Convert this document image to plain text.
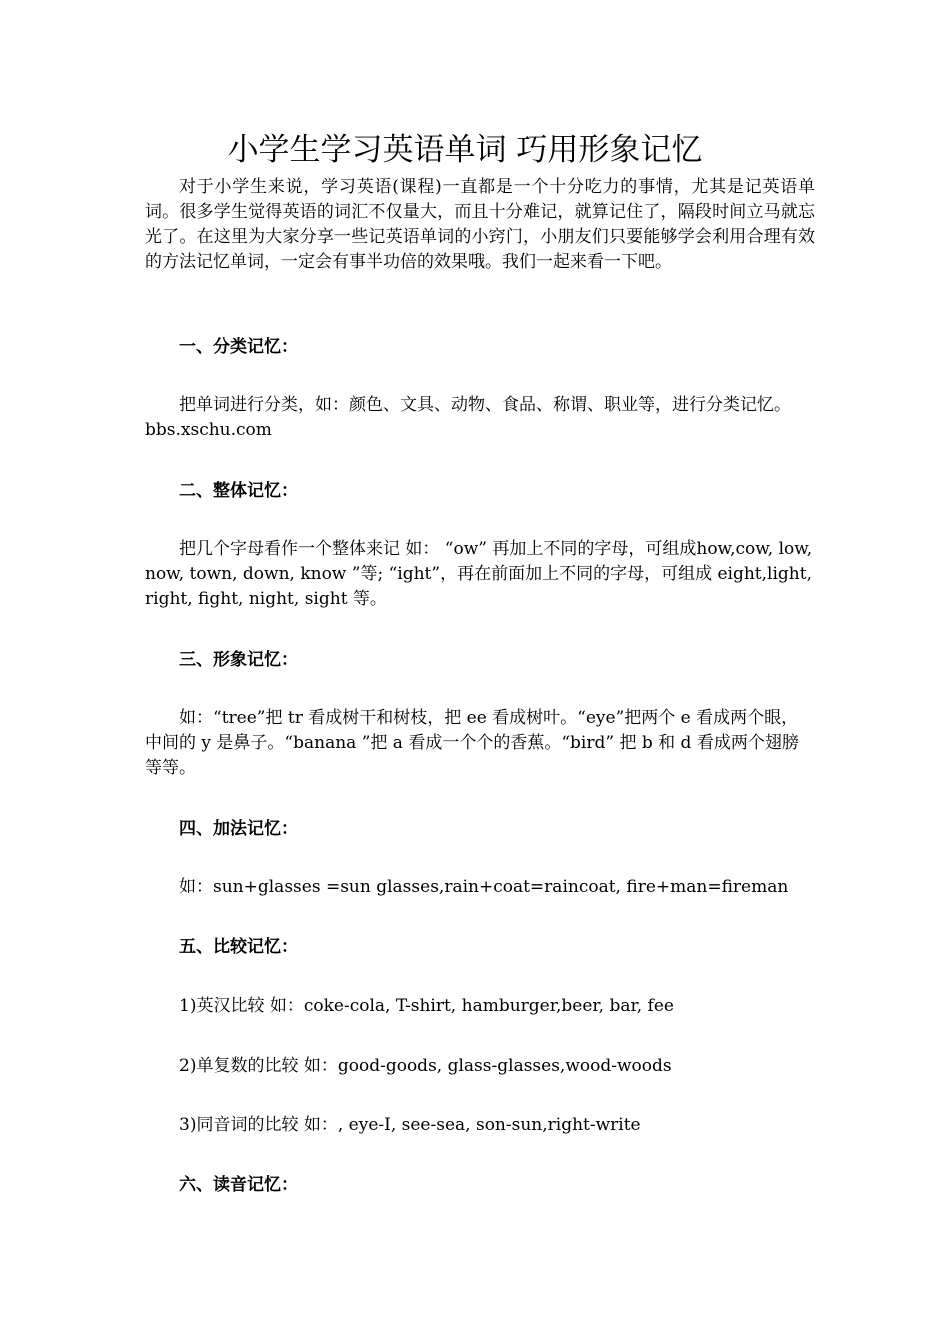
小学生学习英语单词 巧用形象记忆

对于小学生来说，学习英语(课程)一直都是一个十分吃力的事情，尤其是记英语单词。很多学生觉得英语的词汇不仅量大，而且十分难记，就算记住了，隔段时间立马就忘光了。在这里为大家分享一些记英语单词的小窍门，小朋友们只要能够学会利用合理有效的方法记忆单词，一定会有事半功倍的效果哦。我们一起来看一下吧。

一、分类记忆：

把单词进行分类，如：颜色、文具、动物、食品、称谓、职业等，进行分类记忆。bbs.xschu.com

二、整体记忆：

把几个字母看作一个整体来记 如： “ow” 再加上不同的字母，可组成how,cow, low, now, town, down, know ”等; “ight”，再在前面加上不同的字母，可组成 eight,light, right, fight, night, sight 等。

三、形象记忆：

如：“tree”把 tr 看成树干和树枝，把 ee 看成树叶。“eye”把两个 e 看成两个眼，中间的 y 是鼻子。“banana ”把 a 看成一个个的香蕉。“bird” 把 b 和 d 看成两个翅膀等等。

四、加法记忆：

如：sun+glasses =sun glasses,rain+coat=raincoat, fire+man=fireman

五、比较记忆：

1)英汉比较 如：coke-cola, T-shirt, hamburger,beer, bar, fee

2)单复数的比较 如：good-goods, glass-glasses,wood-woods

3)同音词的比较 如：, eye-I, see-sea, son-sun,right-write

六、读音记忆：
